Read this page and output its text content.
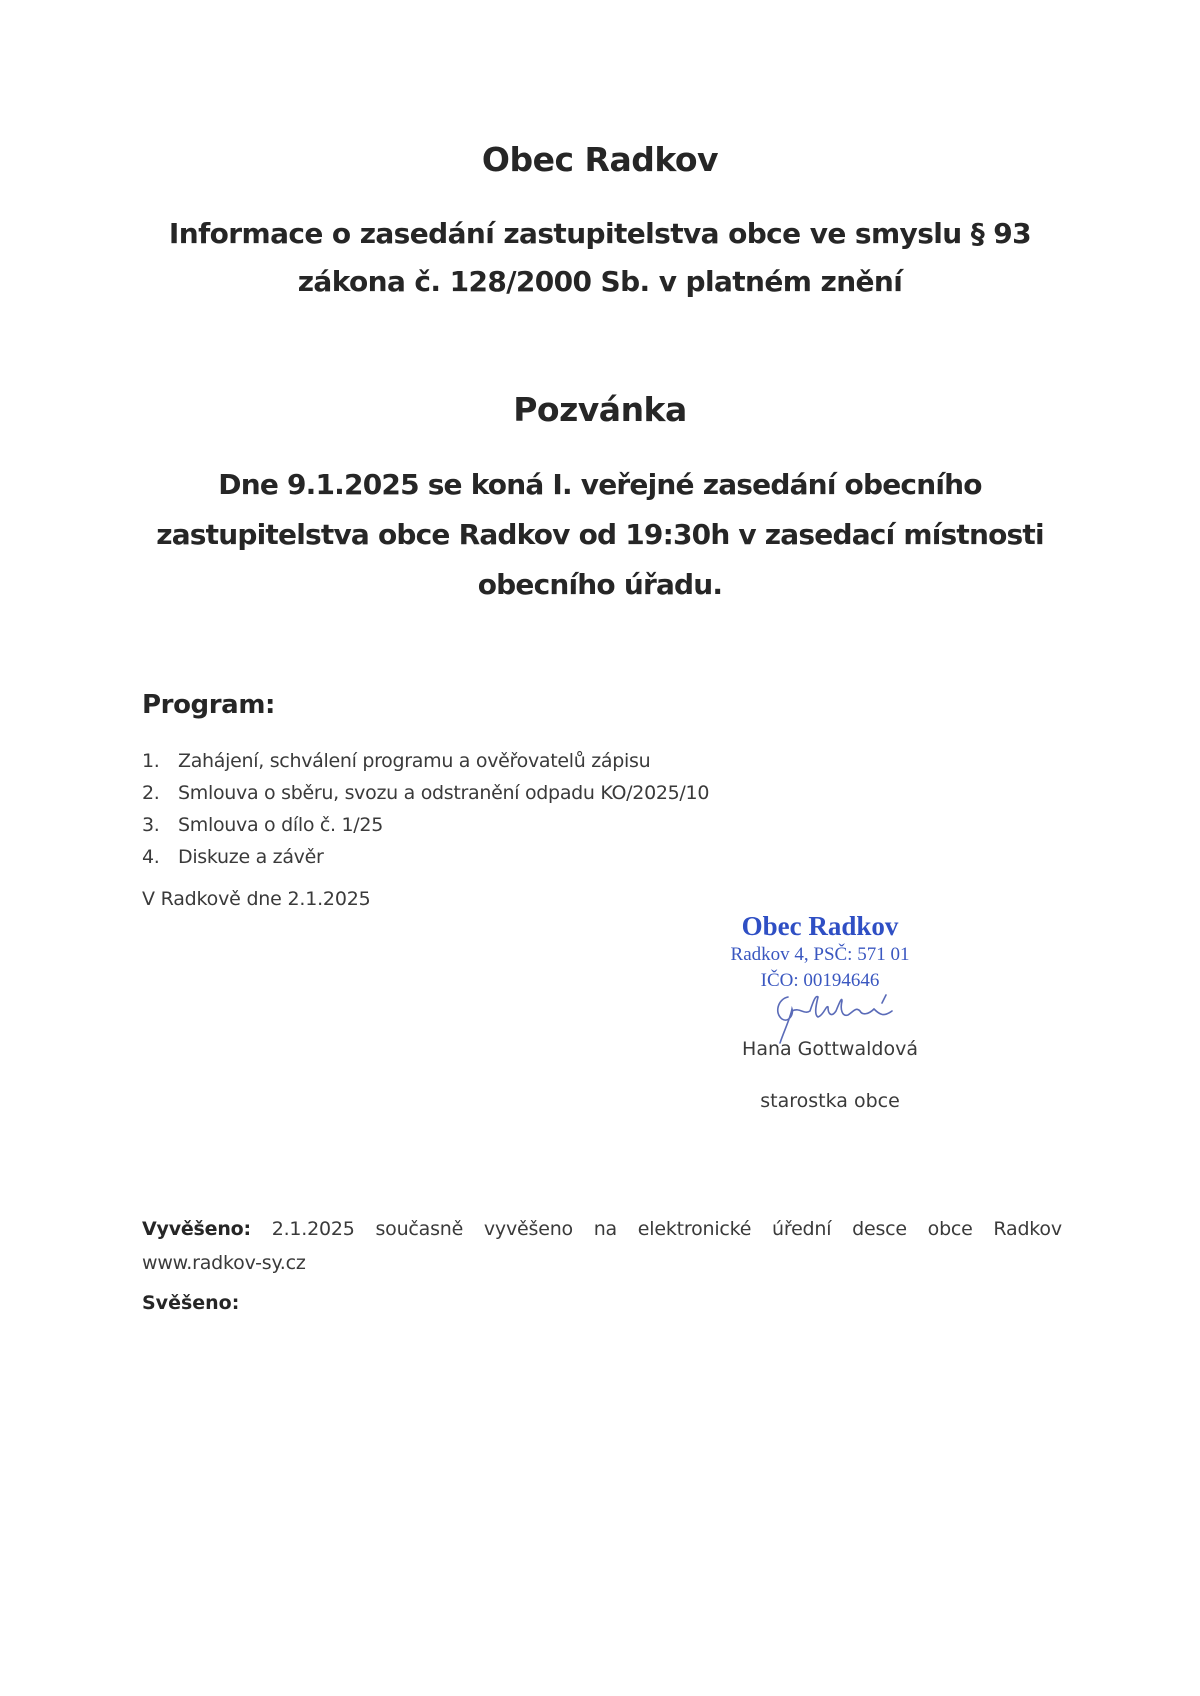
Obec Radkov
Informace o zasedání zastupitelstva obce ve smyslu § 93
zákona č. 128/2000 Sb. v platném znění
Pozvánka
Dne 9.1.2025 se koná I. veřejné zasedání obecního
zastupitelstva obce Radkov od 19:30h v zasedací místnosti
obecního úřadu.
Program:
1. Zahájení, schválení programu a ověřovatelů zápisu
2. Smlouva o sběru, svozu a odstranění odpadu KO/2025/10
3. Smlouva o dílo č. 1/25
4. Diskuze a závěr
V Radkově dne 2.1.2025
Obec Radkov
Radkov 4, PSČ: 571 01
IČO: 00194646
Hana Gottwaldová
starostka obce
Vyvěšeno: 2.1.2025 současně vyvěšeno na elektronické úřední desce obce Radkov
www.radkov-sy.cz
Svěšeno:
